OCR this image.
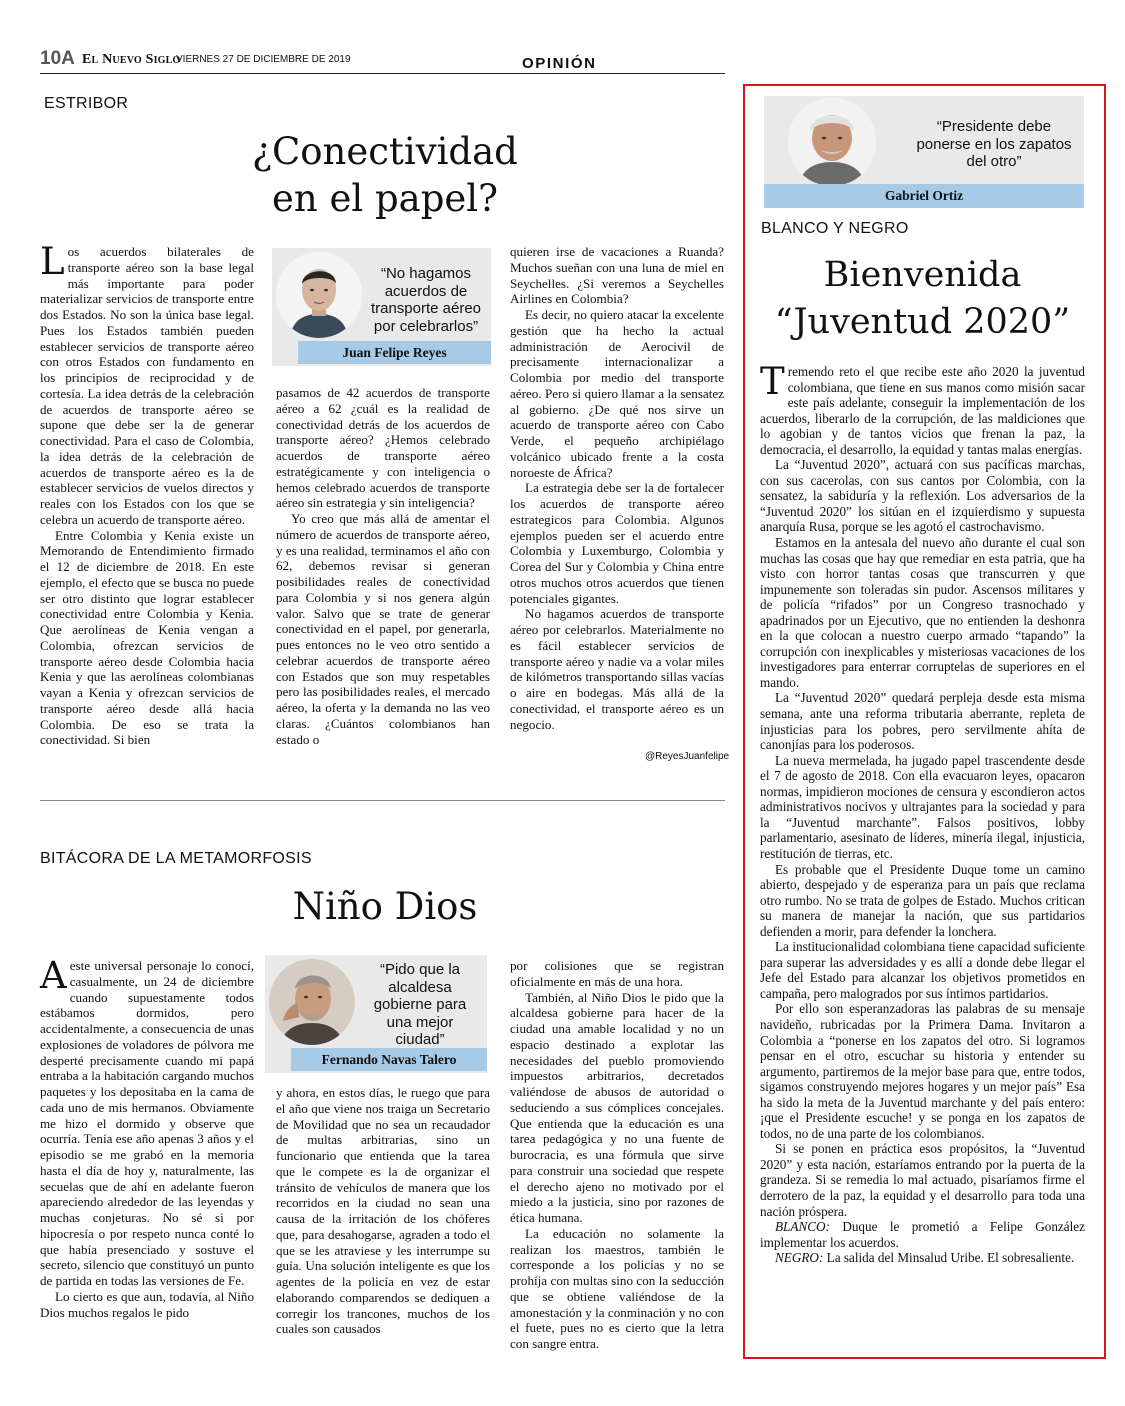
10A El Nuevo Siglo
VIERNES 27 DE DICIEMBRE DE 2019	OPINIÓN
ESTRIBOR
¿Conectividad
en el papel?

Los acuerdos bilaterales de transporte aéreo son la base legal más importante para poder materializar servicios de transporte entre dos Estados. No son la única base legal. Pues los Estados también pueden establecer servicios de transporte aéreo con otros Estados con fundamento en los principios de reciprocidad y de cortesía. La idea detrás de la celebración de acuerdos de transporte aéreo se supone que debe ser la de generar conectividad. Para el caso de Colombia, la idea detrás de la celebración de acuerdos de transporte aéreo es la de establecer servicios de vuelos directos y reales con los Estados con los que se celebra un acuerdo de transporte aéreo.

Entre Colombia y Kenia existe un Memorando de Entendimiento firmado el 12 de diciembre de 2018. En este ejemplo, el efecto que se busca no puede ser otro distinto que lograr establecer conectividad entre Colombia y Kenia. Que aerolíneas de Kenia vengan a Colombia, ofrezcan servicios de transporte aéreo desde Colombia hacia Kenia y que las aerolíneas colombianas vayan a Kenia y ofrezcan servicios de transporte aéreo desde allá hacia Colombia. De eso se trata la conectividad. Si bien

“No hagamos acuerdos de transporte aéreo por celebrarlos”
Juan Felipe Reyes

pasamos de 42 acuerdos de transporte aéreo a 62 ¿cuál es la realidad de conectividad detrás de los acuerdos de transporte aéreo? ¿Hemos celebrado acuerdos de transporte aéreo estratégicamente y con inteligencia o hemos celebrado acuerdos de transporte aéreo sin estrategia y sin inteligencia?

Yo creo que más allá de amentar el número de acuerdos de transporte aéreo, y es una realidad, terminamos el año con 62, debemos revisar si generan posibilidades reales de conectividad para Colombia y si nos genera algún valor. Salvo que se trate de generar conectividad en el papel, por generarla, pues entonces no le veo otro sentido a celebrar acuerdos de transporte aéreo con Estados que son muy respetables pero las posibilidades reales, el mercado aéreo, la oferta y la demanda no las veo claras. ¿Cuántos colombianos han estado o

quieren irse de vacaciones a Ruanda? Muchos sueñan con una luna de miel en Seychelles. ¿Si veremos a Seychelles Airlines en Colombia?

Es decir, no quiero atacar la excelente gestión que ha hecho la actual administración de Aerocivil de precisamente internacionalizar a Colombia por medio del transporte aéreo. Pero si quiero llamar a la sensatez al gobierno. ¿De qué nos sirve un acuerdo de transporte aéreo con Cabo Verde, el pequeño archipiélago volcánico ubicado frente a la costa noroeste de África?

La estrategia debe ser la de fortalecer los acuerdos de transporte aéreo estrategicos para Colombia. Algunos ejemplos pueden ser el acuerdo entre Colombia y Luxemburgo, Colombia y Corea del Sur y Colombia y China entre otros muchos otros acuerdos que tienen potenciales gigantes.

No hagamos acuerdos de transporte aéreo por celebrarlos. Materialmente no es fácil establecer servicios de transporte aéreo y nadie va a volar miles de kilómetros transportando sillas vacías o aire en bodegas. Más allá de la conectividad, el transporte aéreo es un negocio.

@ReyesJuanfelipe
BITÁCORA DE LA METAMORFOSIS
Niño Dios

Aeste universal personaje lo conocí, casualmente, un 24 de diciembre cuando supuestamente todos estábamos dormidos, pero accidentalmente, a consecuencia de unas explosiones de voladores de pólvora me desperté precisamente cuando mi papá entraba a la habitación cargando muchos paquetes y los depositaba en la cama de cada uno de mis hermanos. Obviamente me hizo el dormido y observe que ocurría. Tenía ese año apenas 3 años y el episodio se me grabó en la memoria hasta el día de hoy y, naturalmente, las secuelas que de ahí en adelante fueron apareciendo alrededor de las leyendas y muchas conjeturas. No sé si por hipocresía o por respeto nunca conté lo que había presenciado y sostuve el secreto, silencio que constituyó un punto de partida en todas las versiones de Fe.

Lo cierto es que aun, todavía, al Niño Dios muchos regalos le pido

“Pido que la alcaldesa gobierne para una mejor ciudad”
Fernando Navas Talero

y ahora, en estos días, le ruego que para el año que viene nos traiga un Secretario de Movilidad que no sea un recaudador de multas arbitrarias, sino un funcionario que entienda que la tarea que le compete es la de organizar el tránsito de vehículos de manera que los recorridos en la ciudad no sean una causa de la irritación de los chóferes que, para desahogarse, agraden a todo el que se les atraviese y les interrumpe su guía. Una solución inteligente es que los agentes de la policía en vez de estar elaborando comparendos se dediquen a corregir los trancones, muchos de los cuales son causados

por colisiones que se registran oficialmente en más de una hora.

También, al Niño Dios le pido que la alcaldesa gobierne para hacer de la ciudad una amable localidad y no un espacio destinado a explotar las necesidades del pueblo promoviendo impuestos arbitrarios, decretados valiéndose de abusos de autoridad o seduciendo a sus cómplices concejales. Que entienda que la educación es una tarea pedagógica y no una fuente de burocracia, es una fórmula que sirve para construir una sociedad que respete el derecho ajeno no motivado por el miedo a la justicia, sino por razones de ética humana.

La educación no solamente la realizan los maestros, también le corresponde a los policías y no se prohíja con multas sino con la seducción que se obtiene valiéndose de la amonestación y la conminación y no con el fuete, pues no es cierto que la letra con sangre entra.

“Presidente debe ponerse en los zapatos del otro”
Gabriel Ortiz
BLANCO Y NEGRO
Bienvenida
“Juventud 2020”

Tremendo reto el que recibe este año 2020 la juventud colombiana, que tiene en sus manos como misión sacar este país adelante, conseguir la implementación de los acuerdos, liberarlo de la corrupción, de las maldiciones que lo agobian y de tantos vicios que frenan la paz, la democracia, el desarrollo, la equidad y tantas malas energías.

La “Juventud 2020”, actuará con sus pacíficas marchas, con sus cacerolas, con sus cantos por Colombia, con la sensatez, la sabiduría y la reflexión. Los adversarios de la “Juventud 2020” los sitúan en el izquierdismo y supuesta anarquía Rusa, porque se les agotó el castrochavismo.

Estamos en la antesala del nuevo año durante el cual son muchas las cosas que hay que remediar en esta patria, que ha visto con horror tantas cosas que transcurren y que impunemente son toleradas sin pudor. Ascensos militares y de policía “rifados” por un Congreso trasnochado y apadrinados por un Ejecutivo, que no entienden la deshonra en la que colocan a nuestro cuerpo armado “tapando” la corrupción con inexplicables y misteriosas vacaciones de los investigadores para enterrar corruptelas de superiores en el mando.

La “Juventud 2020” quedará perpleja desde esta misma semana, ante una reforma tributaria aberrante, repleta de injusticias para los pobres, pero servilmente ahíta de canonjías para los poderosos.

La nueva mermelada, ha jugado papel trascendente desde el 7 de agosto de 2018. Con ella evacuaron leyes, opacaron normas, impidieron mociones de censura y escondieron actos administrativos nocivos y ultrajantes para la sociedad y para la “Juventud marchante”. Falsos positivos, lobby parlamentario, asesinato de líderes, minería ilegal, injusticia, restitución de tierras, etc.

Es probable que el Presidente Duque tome un camino abierto, despejado y de esperanza para un país que reclama otro rumbo. No se trata de golpes de Estado. Muchos critican su manera de manejar la nación, que sus partidarios defienden a morir, para defender la lonchera.

La institucionalidad colombiana tiene capacidad suficiente para superar las adversidades y es allí a donde debe llegar el Jefe del Estado para alcanzar los objetivos prometidos en campaña, pero malogrados por sus íntimos partidarios.

Por ello son esperanzadoras las palabras de su mensaje navideño, rubricadas por la Primera Dama. Invitaron a Colombia a “ponerse en los zapatos del otro. Si logramos pensar en el otro, escuchar su historia y entender su argumento, partiremos de la mejor base para que, entre todos, sigamos construyendo mejores hogares y un mejor país” Esa ha sido la meta de la Juventud marchante y del país entero: ¡que el Presidente escuche! y se ponga en los zapatos de todos, no de una parte de los colombianos.

Si se ponen en práctica esos propósitos, la “Juventud 2020” y esta nación, estaríamos entrando por la puerta de la grandeza. Si se remedia lo mal actuado, pisaríamos firme el derrotero de la paz, la equidad y el desarrollo para toda una nación próspera.

BLANCO: Duque le prometió a Felipe González implementar los acuerdos.

NEGRO: La salida del Minsalud Uribe. El sobresaliente.
